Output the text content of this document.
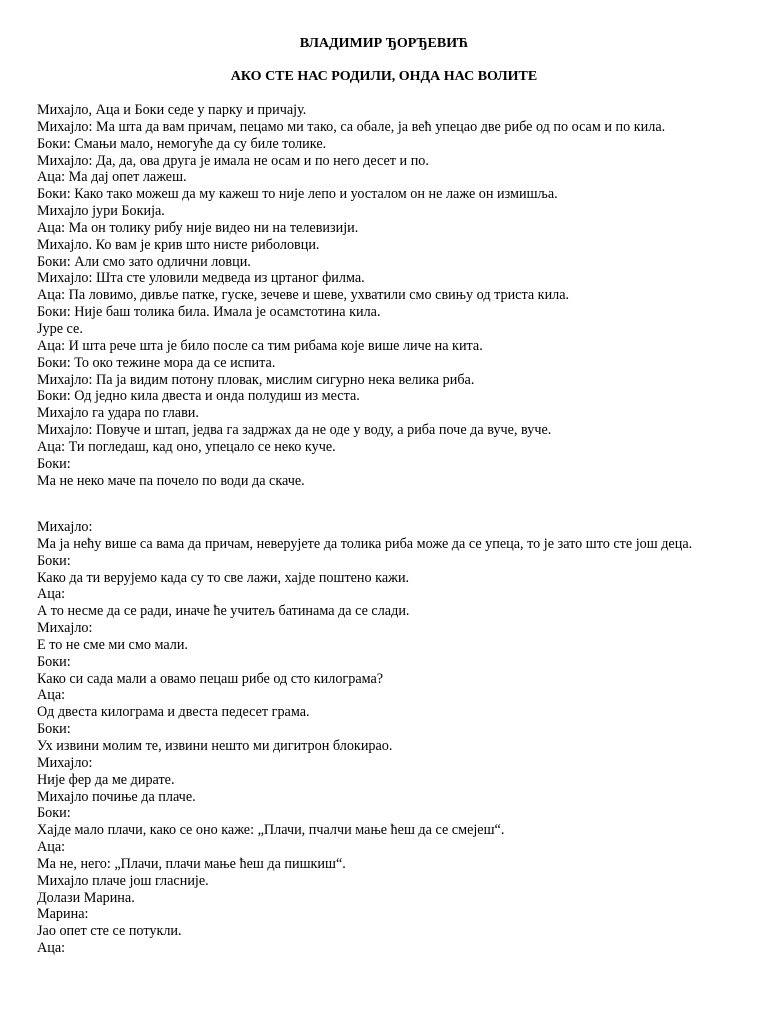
ВЛАДИМИР ЂОРЂЕВИЋ
АКО СТЕ НАС РОДИЛИ, ОНДА НАС ВОЛИТЕ
Михајло, Аца и Боки седе у парку и причају.
Михајло: Ма шта да вам причам, пецамо ми тако, са обале, ја већ упецао две рибе од по осам и по кила.
Боки: Смањи мало, немогуће да су биле толике.
Михајло: Да, да, ова друга је имала не осам и по него десет и по.
Аца: Ма дај опет лажеш.
Боки: Како тако можеш да му кажеш то није лепо и уосталом он не лаже он измишља.
Михајло јури Бокија.
Аца: Ма он толику рибу није видео ни на телевизији.
Михајло. Ко вам је крив што нисте риболовци.
Боки: Али смо зато одлични ловци.
Михајло: Шта сте уловили медведа из цртаног филма.
Аца: Па ловимо, дивље патке, гуске, зечеве и шеве, ухватили смо свињу од триста кила.
Боки: Није баш толика била. Имала је осамстотина кила.
Јуре се.
Аца: И шта рече шта је било после са тим рибама које више личе на кита.
Боки: То око тежине мора да се испита.
Михајло: Па ја видим потону пловак, мислим сигурно нека велика риба.
Боки: Од једно кила двеста и онда полудиш из места.
Михајло га удара по глави.
Михајло: Повуче и штап, једва га задржах да не оде у воду, а риба поче да вуче, вуче.
Аца: Ти погледаш, кад оно, упецало се неко куче.
Боки:
Ма не неко маче па почело по води да скаче.
Михајло:
Ма ја нећу више са вама да причам, неверујете да толика риба може да се упеца, то је зато што сте још деца.
Боки:
Како да ти верујемо када су то све лажи, хајде поштено кажи.
Аца:
А то несме да се ради, иначе ће учитељ батинама да се слади.
Михајло:
Е то не сме ми смо мали.
Боки:
Како си сада мали а овамо пецаш рибе од сто килограма?
Аца:
Од двеста килограма и двеста педесет грама.
Боки:
Ух извини молим те, извини нешто ми дигитрон блокирао.
Михајло:
Није фер да ме дирате.
Михајло почиње да плаче.
Боки:
Хајде мало плачи, како се оно каже: „Плачи, пчалчи мање ћеш да се смејеш“.
Аца:
Ма не, него: „Плачи, плачи мање ћеш да пишкиш“.
Михајло плаче још гласније.
Долази Марина.
Марина:
Јао опет сте се потукли.
Аца:
